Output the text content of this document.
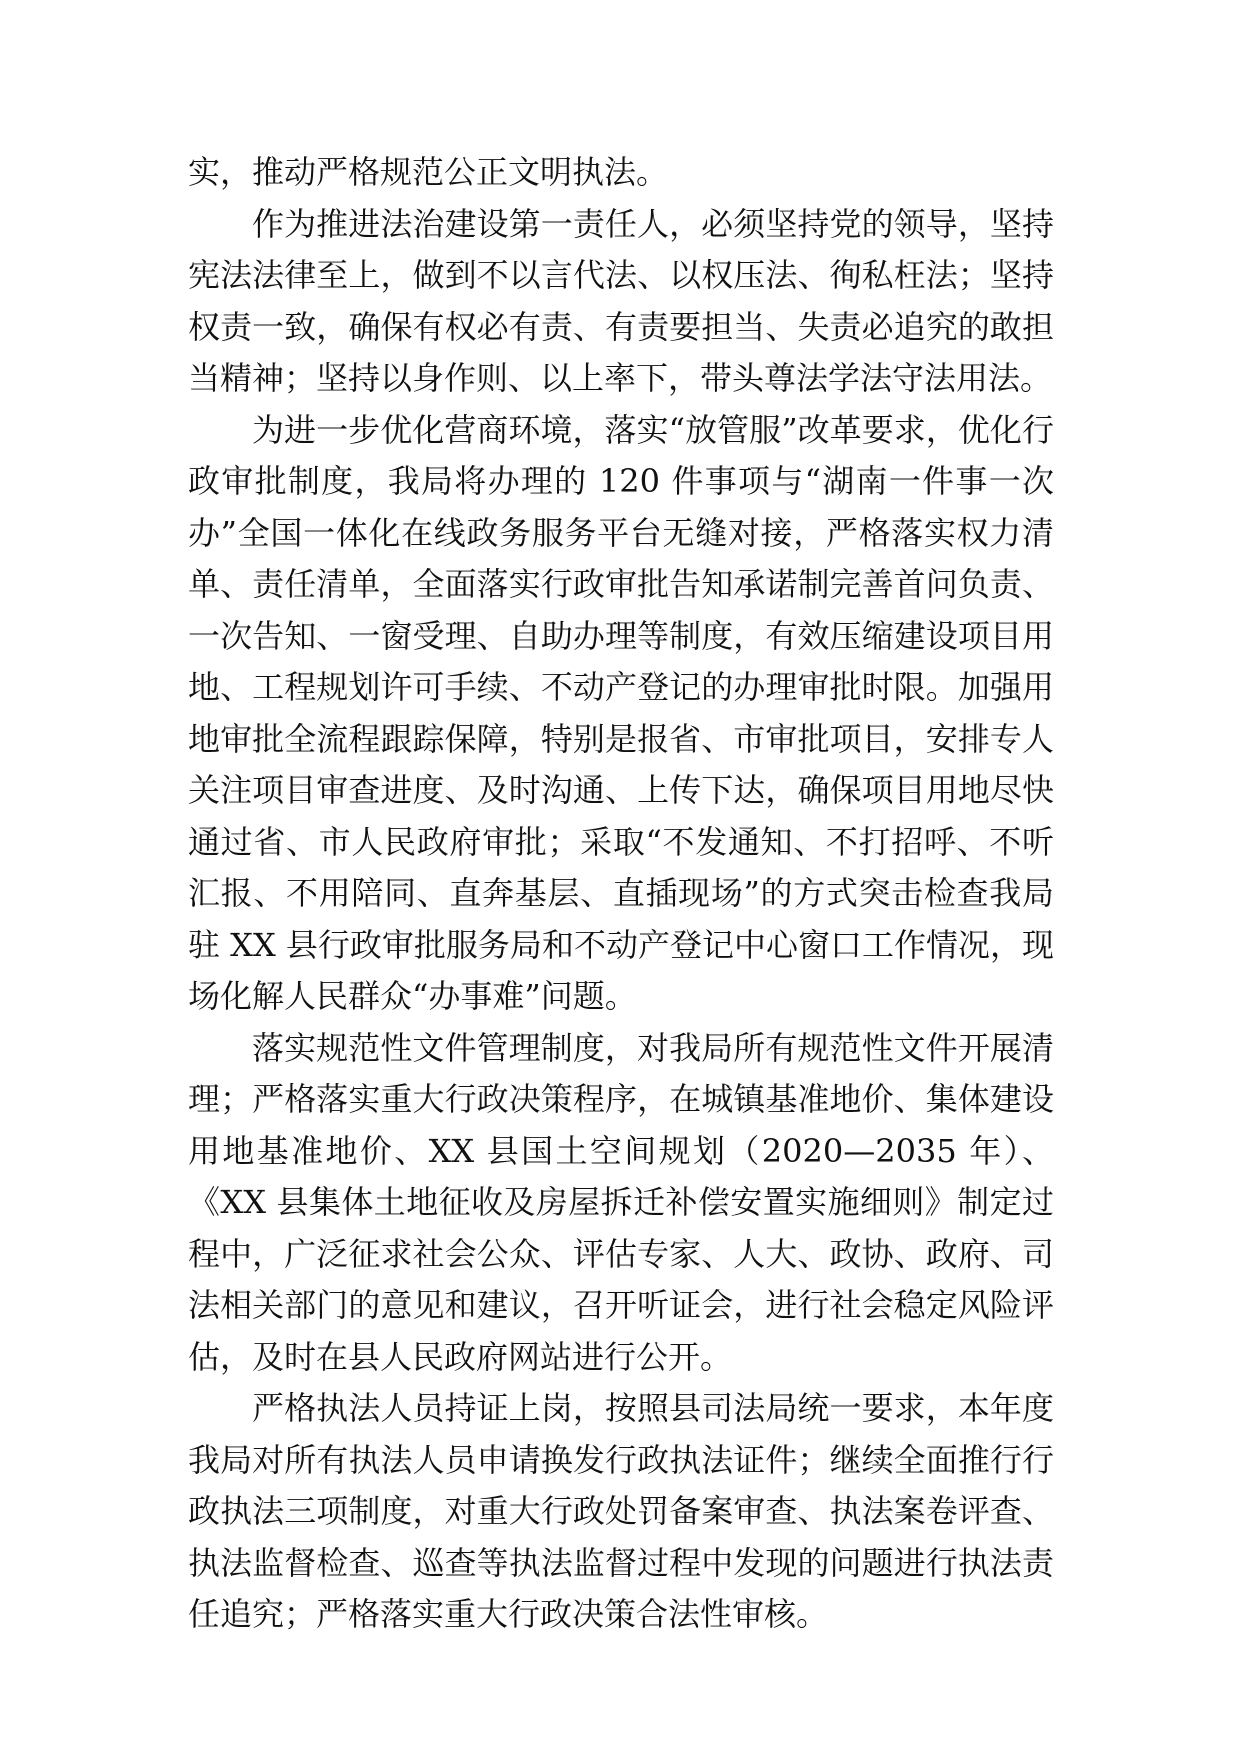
实，推动严格规范公正文明执法。

作为推进法治建设第一责任人，必须坚持党的领导，坚持宪法法律至上，做到不以言代法、以权压法、徇私枉法；坚持权责一致，确保有权必有责、有责要担当、失责必追究的敢担当精神；坚持以身作则、以上率下，带头尊法学法守法用法。

为进一步优化营商环境，落实“放管服”改革要求，优化行政审批制度，我局将办理的 120 件事项与“湖南一件事一次办”全国一体化在线政务服务平台无缝对接，严格落实权力清单、责任清单，全面落实行政审批告知承诺制完善首问负责、一次告知、一窗受理、自助办理等制度，有效压缩建设项目用地、工程规划许可手续、不动产登记的办理审批时限。加强用地审批全流程跟踪保障，特别是报省、市审批项目，安排专人关注项目审查进度、及时沟通、上传下达，确保项目用地尽快通过省、市人民政府审批；采取“不发通知、不打招呼、不听汇报、不用陪同、直奔基层、直插现场”的方式突击检查我局驻 XX 县行政审批服务局和不动产登记中心窗口工作情况，现场化解人民群众“办事难”问题。

落实规范性文件管理制度，对我局所有规范性文件开展清理；严格落实重大行政决策程序，在城镇基准地价、集体建设用地基准地价、XX 县国土空间规划（2020—2035 年）、《XX 县集体土地征收及房屋拆迁补偿安置实施细则》制定过程中，广泛征求社会公众、评估专家、人大、政协、政府、司法相关部门的意见和建议，召开听证会，进行社会稳定风险评估，及时在县人民政府网站进行公开。

严格执法人员持证上岗，按照县司法局统一要求，本年度我局对所有执法人员申请换发行政执法证件；继续全面推行行政执法三项制度，对重大行政处罚备案审查、执法案卷评查、执法监督检查、巡查等执法监督过程中发现的问题进行执法责任追究；严格落实重大行政决策合法性审核。
